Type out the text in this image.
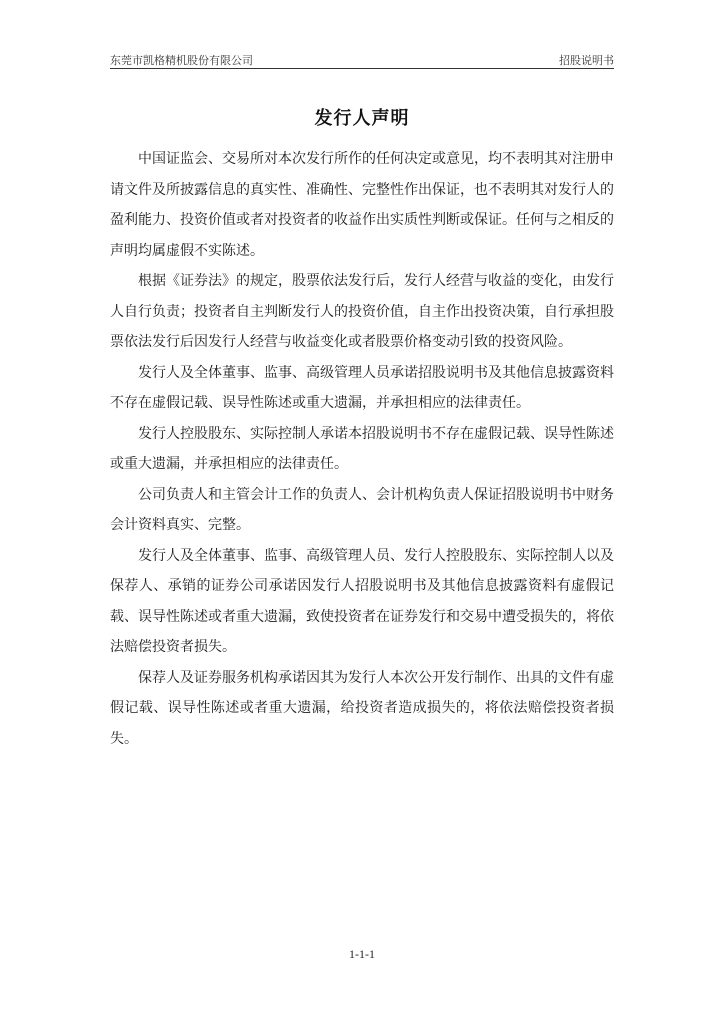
东莞市凯格精机股份有限公司	招股说明书
发行人声明

中国证监会、交易所对本次发行所作的任何决定或意见，均不表明其对注册申请文件及所披露信息的真实性、准确性、完整性作出保证，也不表明其对发行人的盈利能力、投资价值或者对投资者的收益作出实质性判断或保证。任何与之相反的声明均属虚假不实陈述。

根据《证券法》的规定，股票依法发行后，发行人经营与收益的变化，由发行人自行负责；投资者自主判断发行人的投资价值，自主作出投资决策，自行承担股票依法发行后因发行人经营与收益变化或者股票价格变动引致的投资风险。

发行人及全体董事、监事、高级管理人员承诺招股说明书及其他信息披露资料不存在虚假记载、误导性陈述或重大遗漏，并承担相应的法律责任。

发行人控股股东、实际控制人承诺本招股说明书不存在虚假记载、误导性陈述或重大遗漏，并承担相应的法律责任。

公司负责人和主管会计工作的负责人、会计机构负责人保证招股说明书中财务会计资料真实、完整。

发行人及全体董事、监事、高级管理人员、发行人控股股东、实际控制人以及保荐人、承销的证券公司承诺因发行人招股说明书及其他信息披露资料有虚假记载、误导性陈述或者重大遗漏，致使投资者在证券发行和交易中遭受损失的，将依法赔偿投资者损失。

保荐人及证券服务机构承诺因其为发行人本次公开发行制作、出具的文件有虚假记载、误导性陈述或者重大遗漏，给投资者造成损失的，将依法赔偿投资者损失。

1-1-1
